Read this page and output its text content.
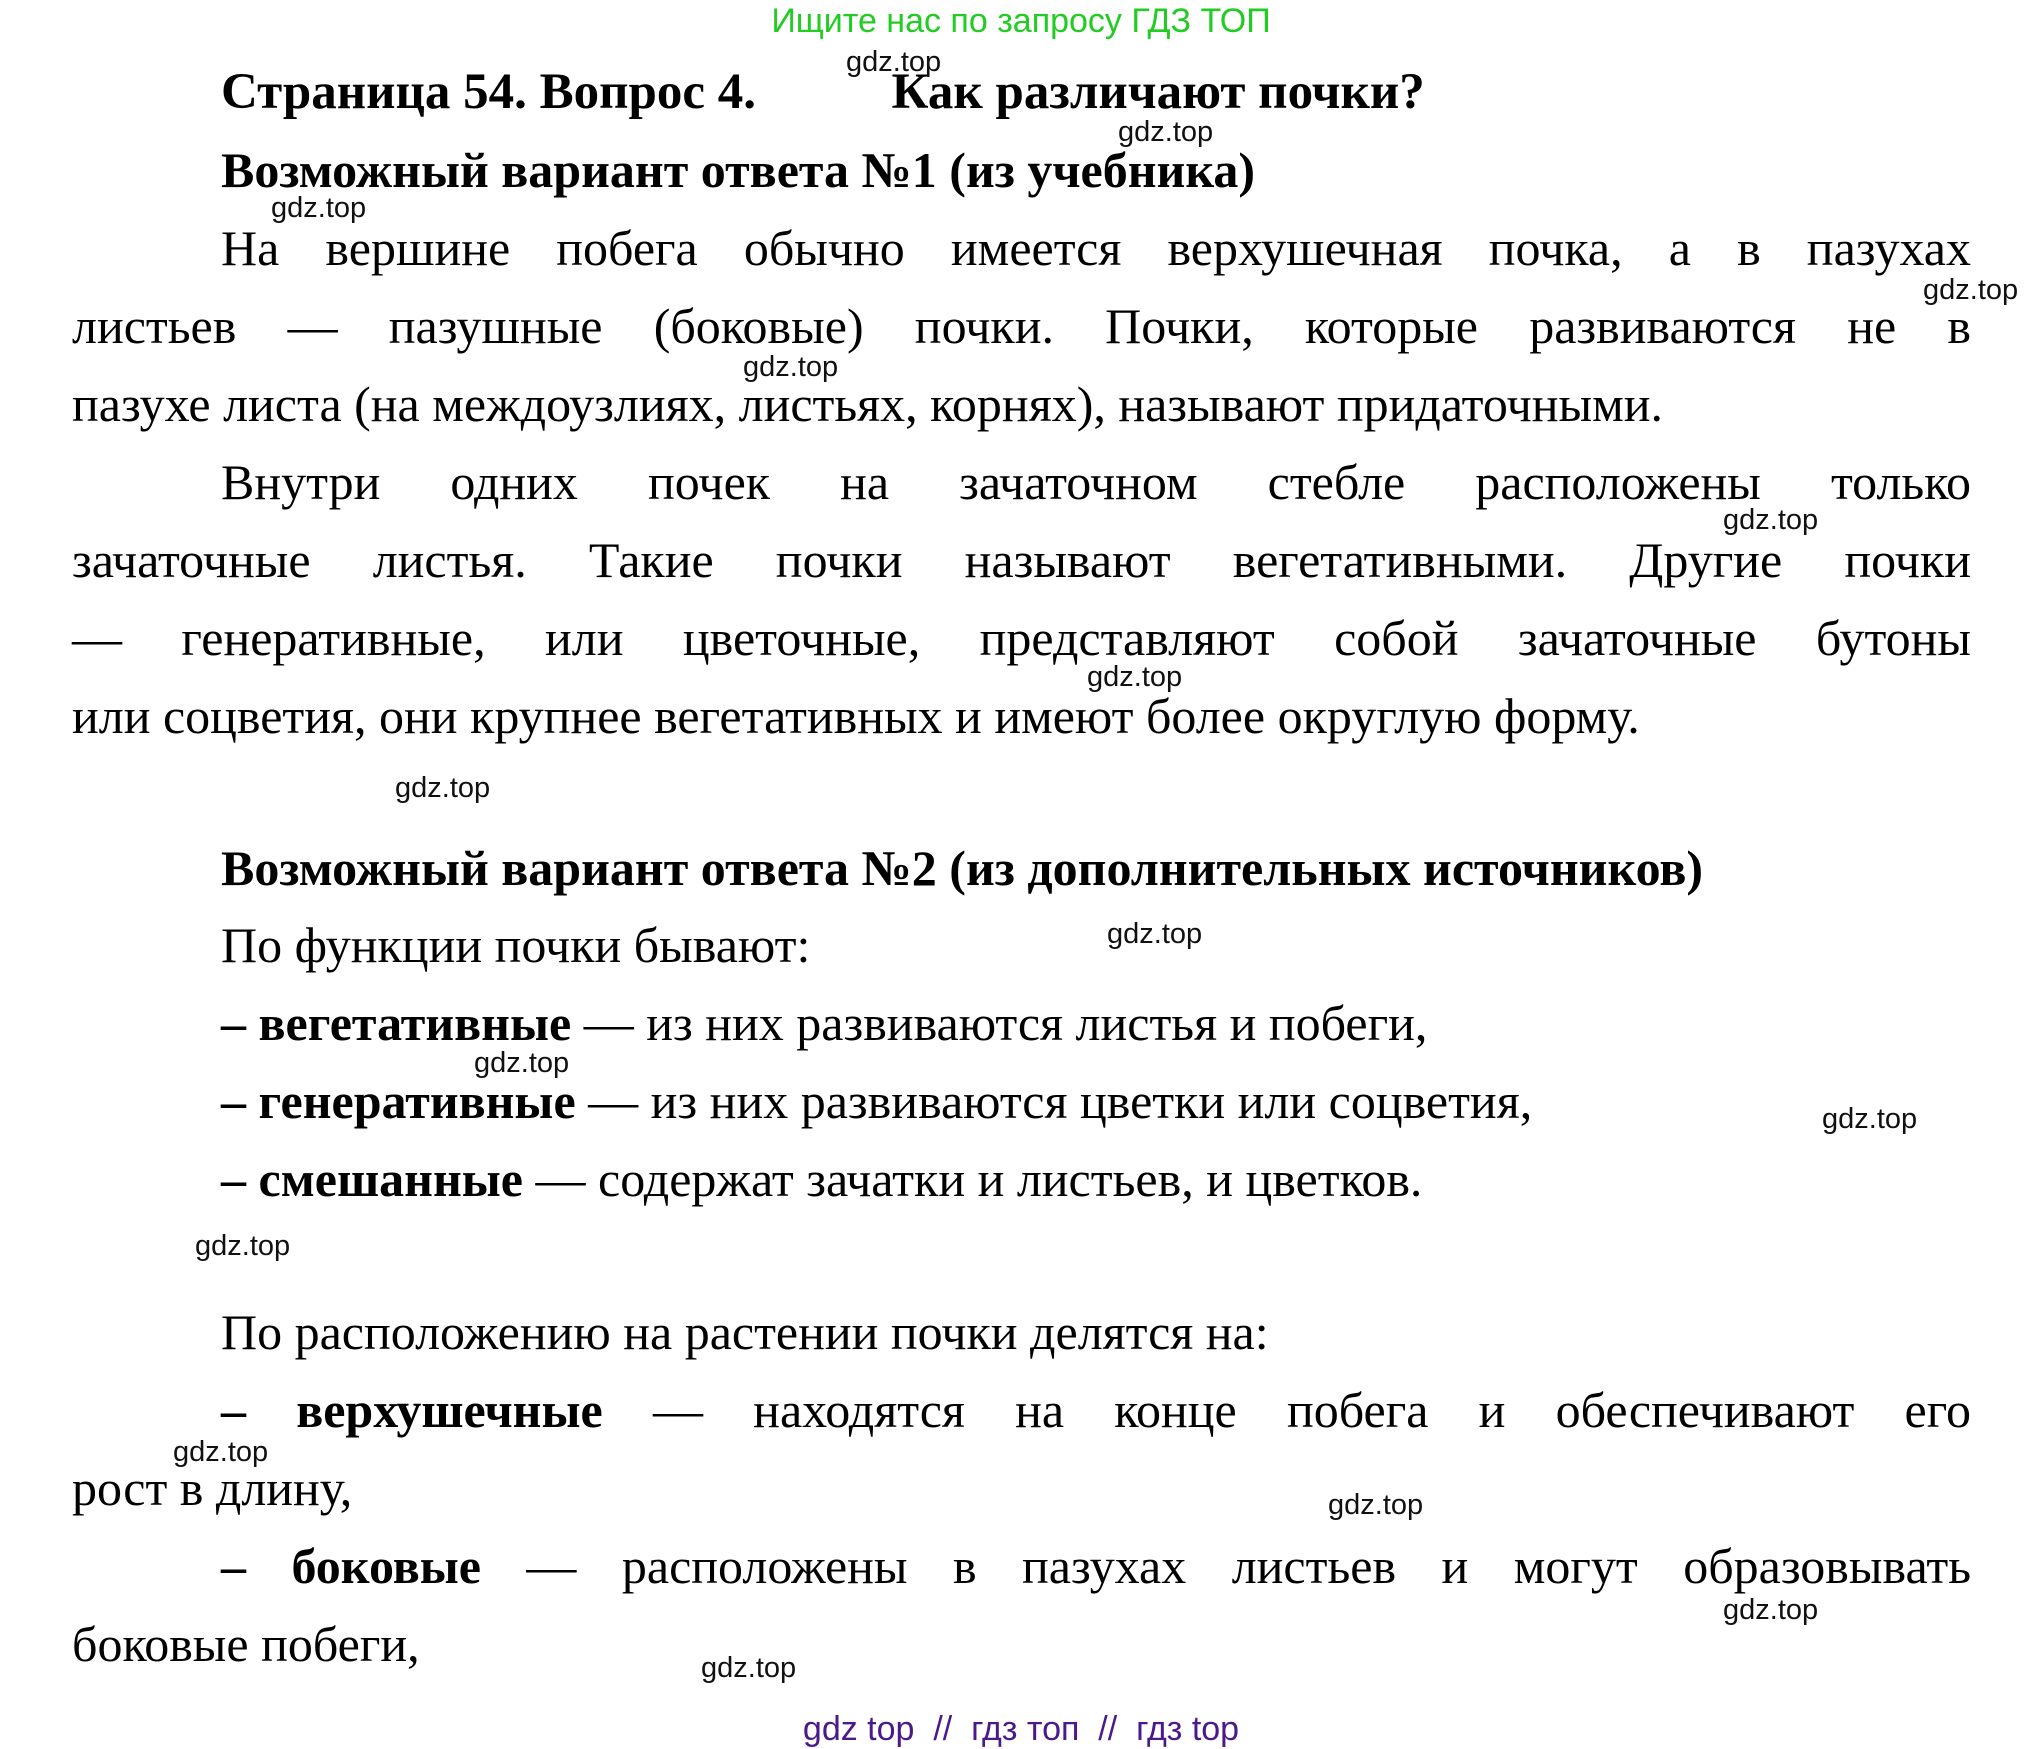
Ищите нас по запросу ГДЗ ТОП
Страница 54. Вопрос 4.	Как различают почки?
Возможный вариант ответа №1 (из учебника)
На вершине побега обычно имеется верхушечная почка, а в пазухах
листьев — пазушные (боковые) почки. Почки, которые развиваются не в
пазухе листа (на междоузлиях, листьях, корнях), называют придаточными.
Внутри одних почек на зачаточном стебле расположены только
зачаточные листья. Такие почки называют вегетативными. Другие почки
— генеративные, или цветочные, представляют собой зачаточные бутоны
или соцветия, они крупнее вегетативных и имеют более округлую форму.
Возможный вариант ответа №2 (из дополнительных источников)
По функции почки бывают:
– вегетативные — из них развиваются листья и побеги,
– генеративные — из них развиваются цветки или соцветия,
– смешанные — содержат зачатки и листьев, и цветков.
По расположению на растении почки делятся на:
– верхушечные — находятся на конце побега и обеспечивают его
рост в длину,
– боковые — расположены в пазухах листьев и могут образовывать
боковые побеги,
gdz.top
gdz.top
gdz.top
gdz.top
gdz.top
gdz.top
gdz.top
gdz.top
gdz.top
gdz.top
gdz.top
gdz.top
gdz.top
gdz.top
gdz.top
gdz.top
gdz top  //  гдз топ  //  гдз top
